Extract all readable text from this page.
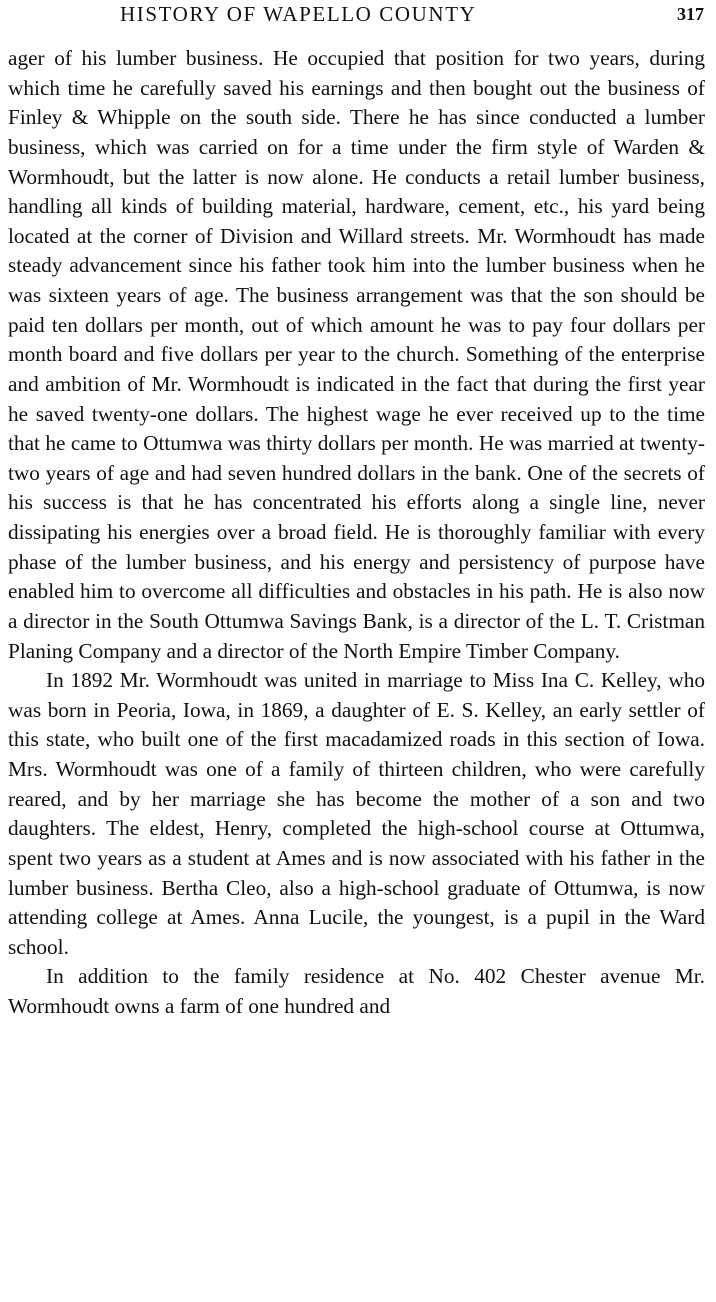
HISTORY OF WAPELLO COUNTY	317

ager of his lumber business. He occupied that position for two years, during which time he carefully saved his earnings and then bought out the business of Finley & Whipple on the south side. There he has since conducted a lumber business, which was carried on for a time under the firm style of Warden & Wormhoudt, but the latter is now alone. He conducts a retail lumber business, handling all kinds of building material, hardware, cement, etc., his yard being located at the corner of Division and Willard streets. Mr. Wormhoudt has made steady advancement since his father took him into the lumber business when he was sixteen years of age. The business arrangement was that the son should be paid ten dollars per month, out of which amount he was to pay four dollars per month board and five dollars per year to the church. Something of the enterprise and ambition of Mr. Wormhoudt is indicated in the fact that during the first year he saved twenty-one dollars. The highest wage he ever received up to the time that he came to Ottumwa was thirty dollars per month. He was married at twenty-two years of age and had seven hundred dollars in the bank. One of the secrets of his success is that he has concentrated his efforts along a single line, never dissipating his energies over a broad field. He is thoroughly familiar with every phase of the lumber business, and his energy and persistency of purpose have enabled him to overcome all difficulties and obstacles in his path. He is also now a director in the South Ottumwa Savings Bank, is a director of the L. T. Cristman Planing Company and a director of the North Empire Timber Company.

In 1892 Mr. Wormhoudt was united in marriage to Miss Ina C. Kelley, who was born in Peoria, Iowa, in 1869, a daughter of E. S. Kelley, an early settler of this state, who built one of the first macadamized roads in this section of Iowa. Mrs. Wormhoudt was one of a family of thirteen children, who were carefully reared, and by her marriage she has become the mother of a son and two daughters. The eldest, Henry, completed the high-school course at Ottumwa, spent two years as a student at Ames and is now associated with his father in the lumber business. Bertha Cleo, also a high-school graduate of Ottumwa, is now attending college at Ames. Anna Lucile, the youngest, is a pupil in the Ward school.

In addition to the family residence at No. 402 Chester avenue Mr. Wormhoudt owns a farm of one hundred and
